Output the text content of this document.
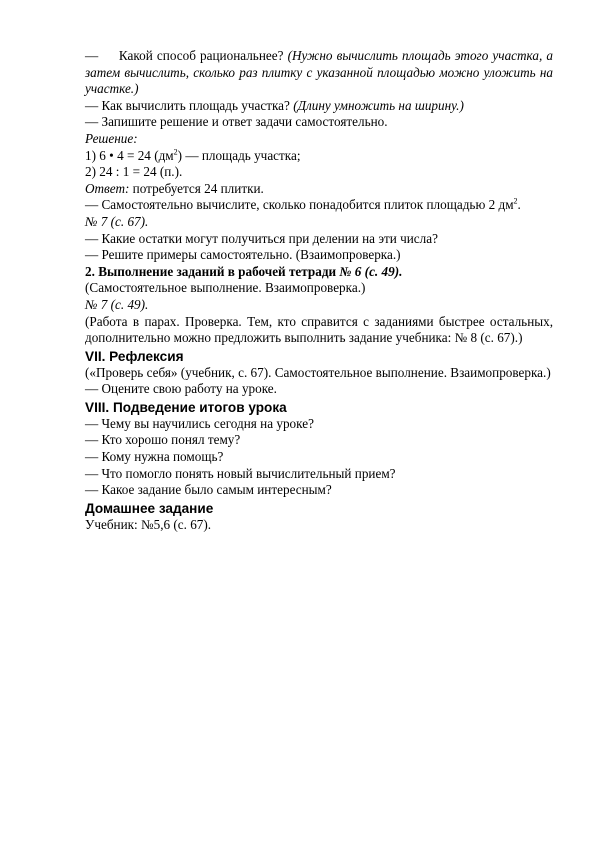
— Какой способ рациональнее? (Нужно вычислить площадь этого участка, а затем вычислить, сколько раз плитку с указанной площадью можно уложить на участке.)

— Как вычислить площадь участка? (Длину умножить на ширину.)

— Запишите решение и ответ задачи самостоятельно.

Решение:

1) 6 • 4 = 24 $(дм^2)$ — площадь участка;

2) 24 : 1 = 24 (п.).

Ответ: потребуется 24 плитки.

— Самостоятельно вычислите, сколько понадобится плиток площадью 2 $дм^2$.

№ 7 (с. 67).

— Какие остатки могут получиться при делении на эти числа?

— Решите примеры самостоятельно. (Взаимопроверка.)

2. Выполнение заданий в рабочей тетради № 6 (с. 49).

(Самостоятельное выполнение. Взаимопроверка.)

№ 7 (с. 49).

(Работа в парах. Проверка. Тем, кто справится с заданиями быстрее остальных, дополнительно можно предложить выполнить задание учебника: № 8 (с. 67).)

VII. Рефлексия

(«Проверь себя» (учебник, с. 67). Самостоятельное выполнение. Взаимопроверка.)

— Оцените свою работу на уроке.

VIII. Подведение итогов урока

— Чему вы научились сегодня на уроке?

— Кто хорошо понял тему?

— Кому нужна помощь?

— Что помогло понять новый вычислительный прием?

— Какое задание было самым интересным?

Домашнее задание

Учебник: №5,6 (с. 67).
